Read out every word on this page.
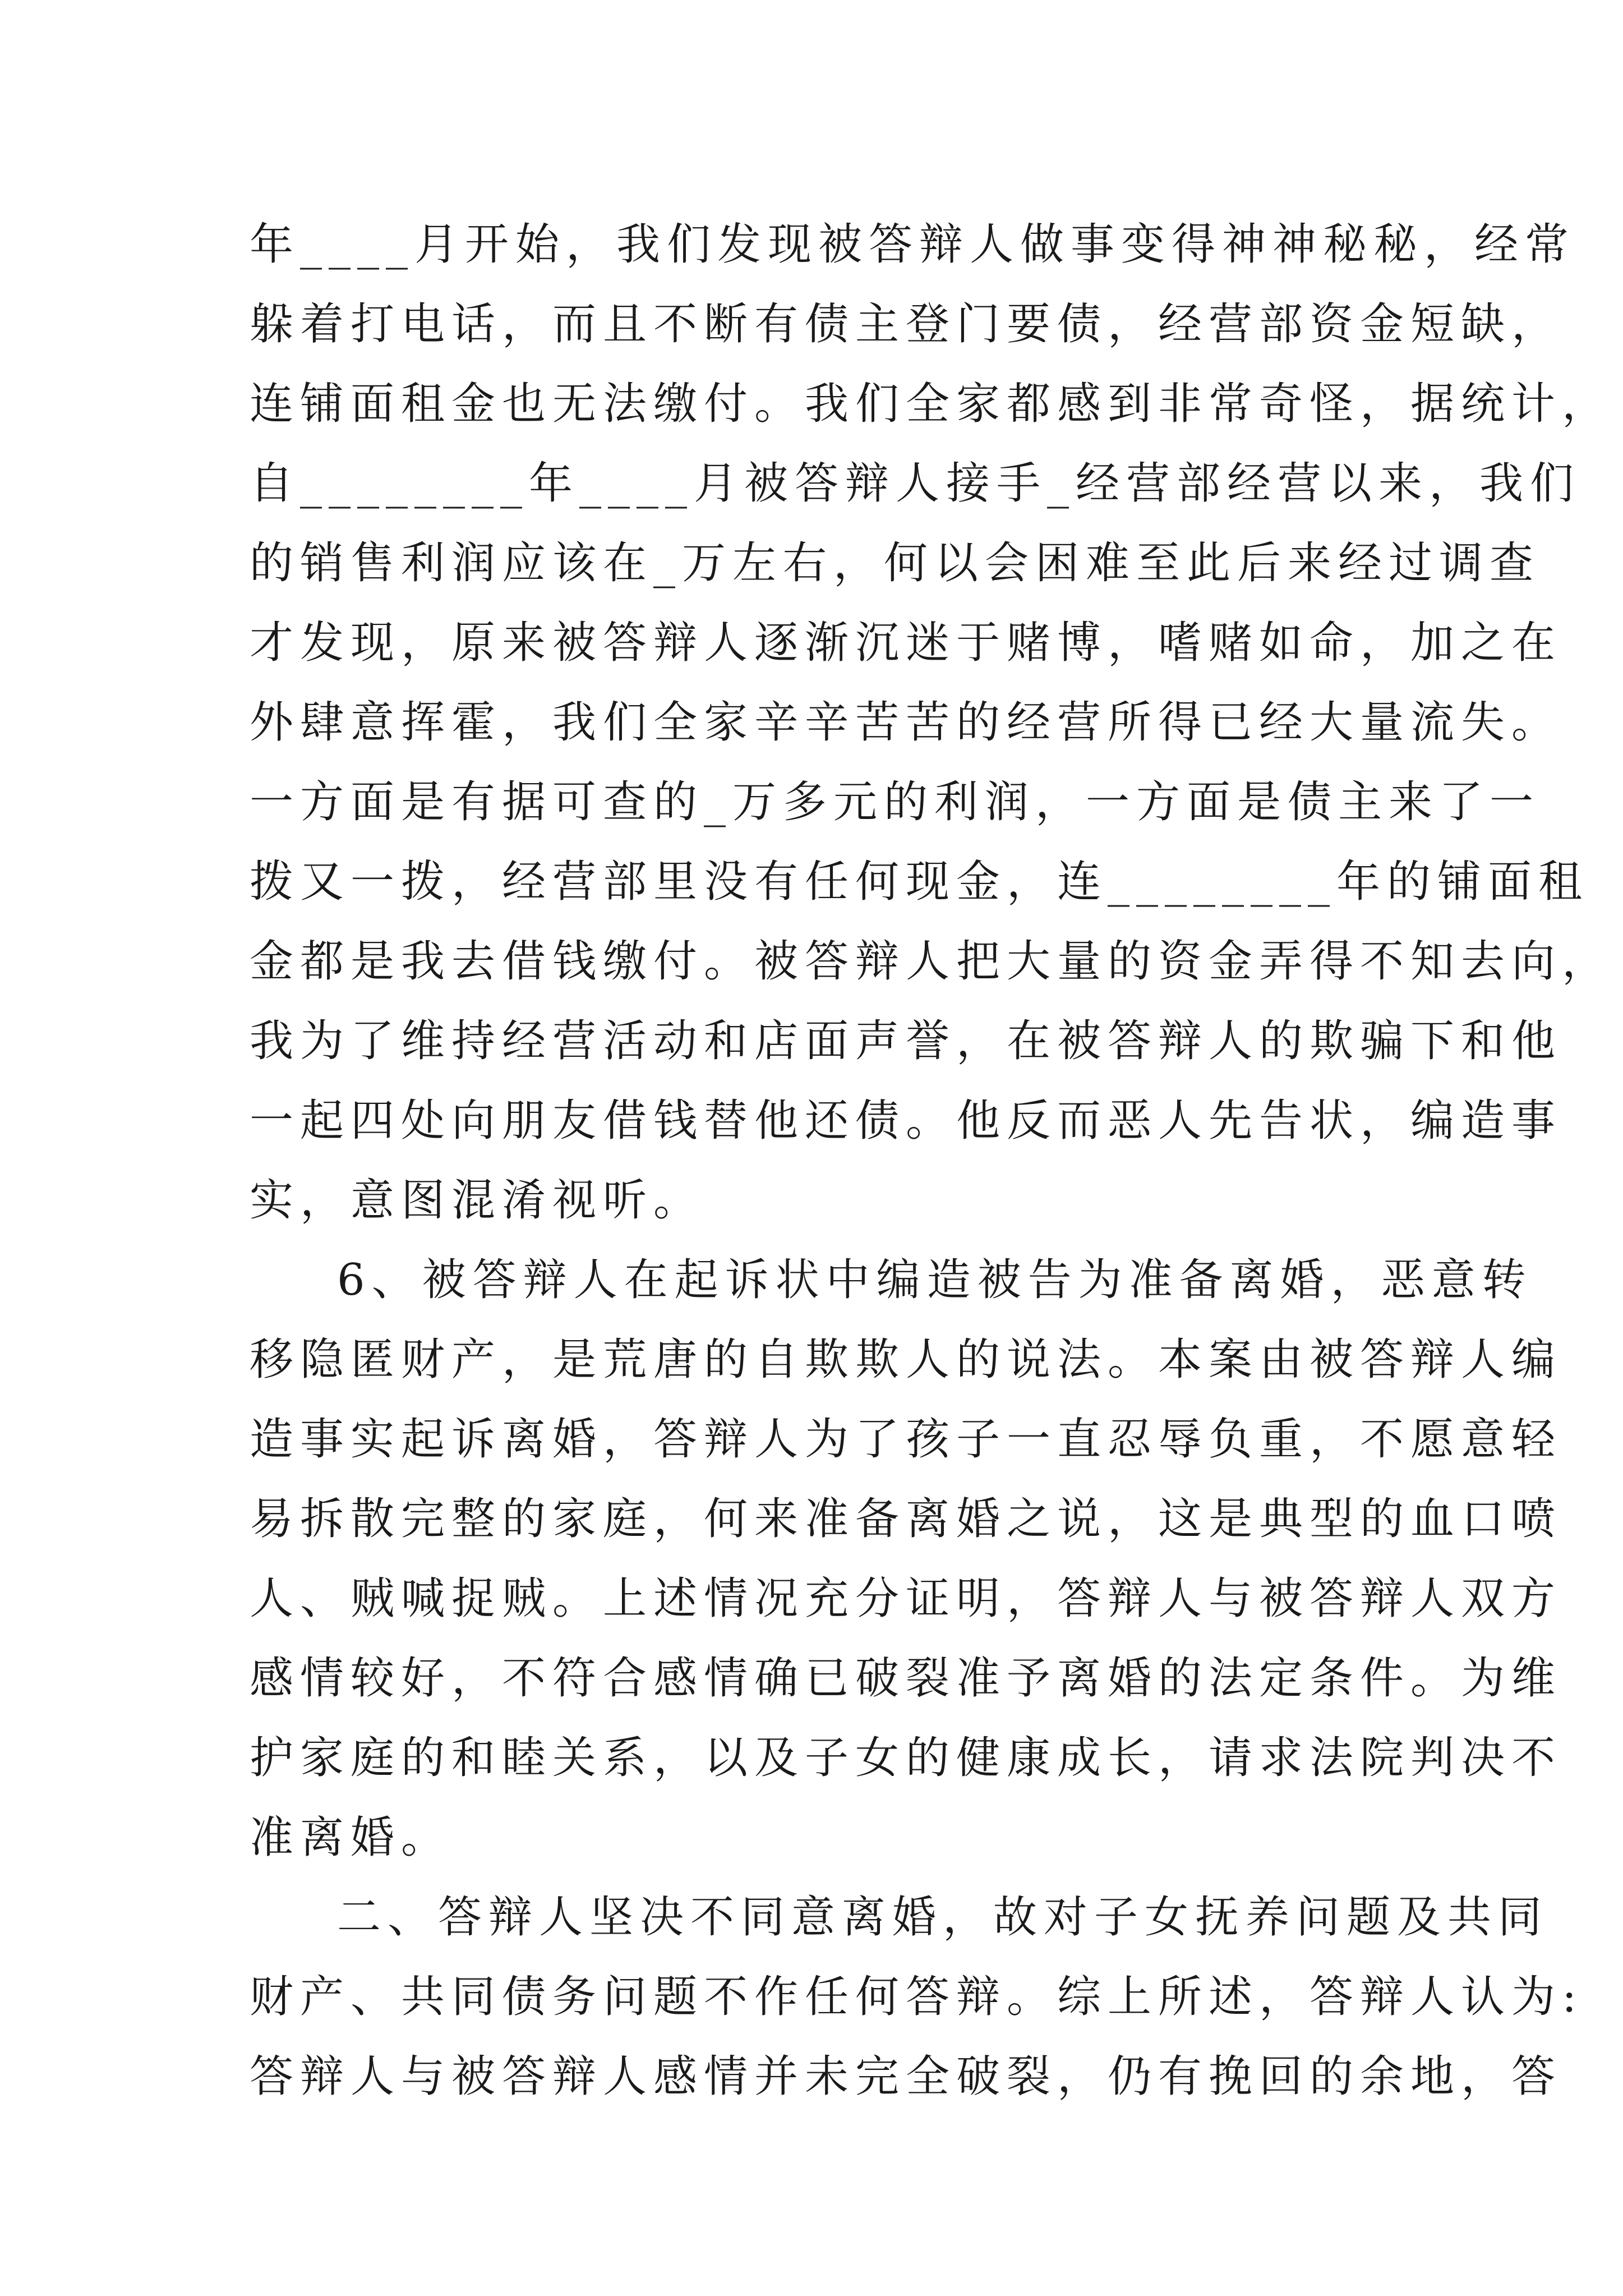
年____月开始，我们发现被答辩人做事变得神神秘秘，经常
躲着打电话，而且不断有债主登门要债，经营部资金短缺，
连铺面租金也无法缴付。我们全家都感到非常奇怪，据统计，
自________年____月被答辩人接手_经营部经营以来，我们
的销售利润应该在_万左右，何以会困难至此后来经过调查
才发现，原来被答辩人逐渐沉迷于赌博，嗜赌如命，加之在
外肆意挥霍，我们全家辛辛苦苦的经营所得已经大量流失。
一方面是有据可查的_万多元的利润，一方面是债主来了一
拨又一拨，经营部里没有任何现金，连________年的铺面租
金都是我去借钱缴付。被答辩人把大量的资金弄得不知去向，
我为了维持经营活动和店面声誉，在被答辩人的欺骗下和他
一起四处向朋友借钱替他还债。他反而恶人先告状，编造事
实，意图混淆视听。
6、被答辩人在起诉状中编造被告为准备离婚，恶意转
移隐匿财产，是荒唐的自欺欺人的说法。本案由被答辩人编
造事实起诉离婚，答辩人为了孩子一直忍辱负重，不愿意轻
易拆散完整的家庭，何来准备离婚之说，这是典型的血口喷
人、贼喊捉贼。上述情况充分证明，答辩人与被答辩人双方
感情较好，不符合感情确已破裂准予离婚的法定条件。为维
护家庭的和睦关系，以及子女的健康成长，请求法院判决不
准离婚。
二、答辩人坚决不同意离婚，故对子女抚养问题及共同
财产、共同债务问题不作任何答辩。综上所述，答辩人认为:
答辩人与被答辩人感情并未完全破裂，仍有挽回的余地，答
